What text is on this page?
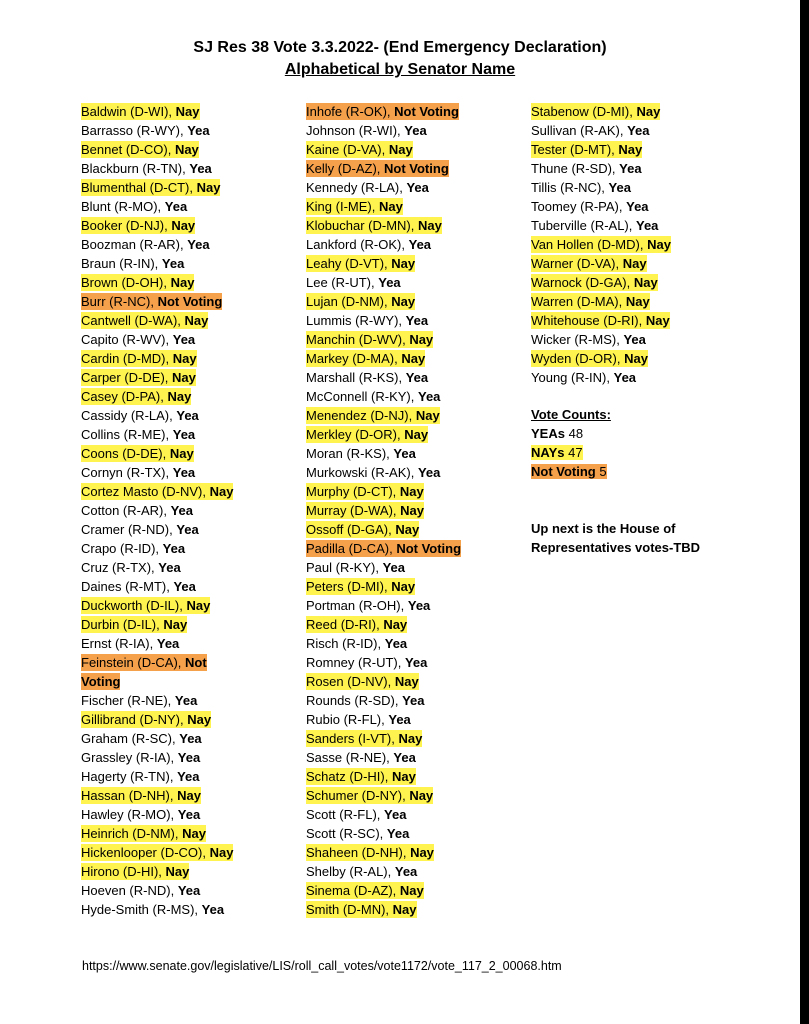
SJ Res 38 Vote 3.3.2022- (End Emergency Declaration)
Alphabetical by Senator Name
Baldwin (D-WI), Nay
Barrasso (R-WY), Yea
Bennet (D-CO), Nay
Blackburn (R-TN), Yea
Blumenthal (D-CT), Nay
Blunt (R-MO), Yea
Booker (D-NJ), Nay
Boozman (R-AR), Yea
Braun (R-IN), Yea
Brown (D-OH), Nay
Burr (R-NC), Not Voting
Cantwell (D-WA), Nay
Capito (R-WV), Yea
Cardin (D-MD), Nay
Carper (D-DE), Nay
Casey (D-PA), Nay
Cassidy (R-LA), Yea
Collins (R-ME), Yea
Coons (D-DE), Nay
Cornyn (R-TX), Yea
Cortez Masto (D-NV), Nay
Cotton (R-AR), Yea
Cramer (R-ND), Yea
Crapo (R-ID), Yea
Cruz (R-TX), Yea
Daines (R-MT), Yea
Duckworth (D-IL), Nay
Durbin (D-IL), Nay
Ernst (R-IA), Yea
Feinstein (D-CA), Not Voting
Fischer (R-NE), Yea
Gillibrand (D-NY), Nay
Graham (R-SC), Yea
Grassley (R-IA), Yea
Hagerty (R-TN), Yea
Hassan (D-NH), Nay
Hawley (R-MO), Yea
Heinrich (D-NM), Nay
Hickenlooper (D-CO), Nay
Hirono (D-HI), Nay
Hoeven (R-ND), Yea
Hyde-Smith (R-MS), Yea
Inhofe (R-OK), Not Voting
Johnson (R-WI), Yea
Kaine (D-VA), Nay
Kelly (D-AZ), Not Voting
Kennedy (R-LA), Yea
King (I-ME), Nay
Klobuchar (D-MN), Nay
Lankford (R-OK), Yea
Leahy (D-VT), Nay
Lee (R-UT), Yea
Lujan (D-NM), Nay
Lummis (R-WY), Yea
Manchin (D-WV), Nay
Markey (D-MA), Nay
Marshall (R-KS), Yea
McConnell (R-KY), Yea
Menendez (D-NJ), Nay
Merkley (D-OR), Nay
Moran (R-KS), Yea
Murkowski (R-AK), Yea
Murphy (D-CT), Nay
Murray (D-WA), Nay
Ossoff (D-GA), Nay
Padilla (D-CA), Not Voting
Paul (R-KY), Yea
Peters (D-MI), Nay
Portman (R-OH), Yea
Reed (D-RI), Nay
Risch (R-ID), Yea
Romney (R-UT), Yea
Rosen (D-NV), Nay
Rounds (R-SD), Yea
Rubio (R-FL), Yea
Sanders (I-VT), Nay
Sasse (R-NE), Yea
Schatz (D-HI), Nay
Schumer (D-NY), Nay
Scott (R-FL), Yea
Scott (R-SC), Yea
Shaheen (D-NH), Nay
Shelby (R-AL), Yea
Sinema (D-AZ), Nay
Smith (D-MN), Nay
Stabenow (D-MI), Nay
Sullivan (R-AK), Yea
Tester (D-MT), Nay
Thune (R-SD), Yea
Tillis (R-NC), Yea
Toomey (R-PA), Yea
Tuberville (R-AL), Yea
Van Hollen (D-MD), Nay
Warner (D-VA), Nay
Warnock (D-GA), Nay
Warren (D-MA), Nay
Whitehouse (D-RI), Nay
Wicker (R-MS), Yea
Wyden (D-OR), Nay
Young (R-IN), Yea
Vote Counts:
YEAs 48
NAYs 47
Not Voting 5
Up next is the House of Representatives votes-TBD
https://www.senate.gov/legislative/LIS/roll_call_votes/vote1172/vote_117_2_00068.htm
